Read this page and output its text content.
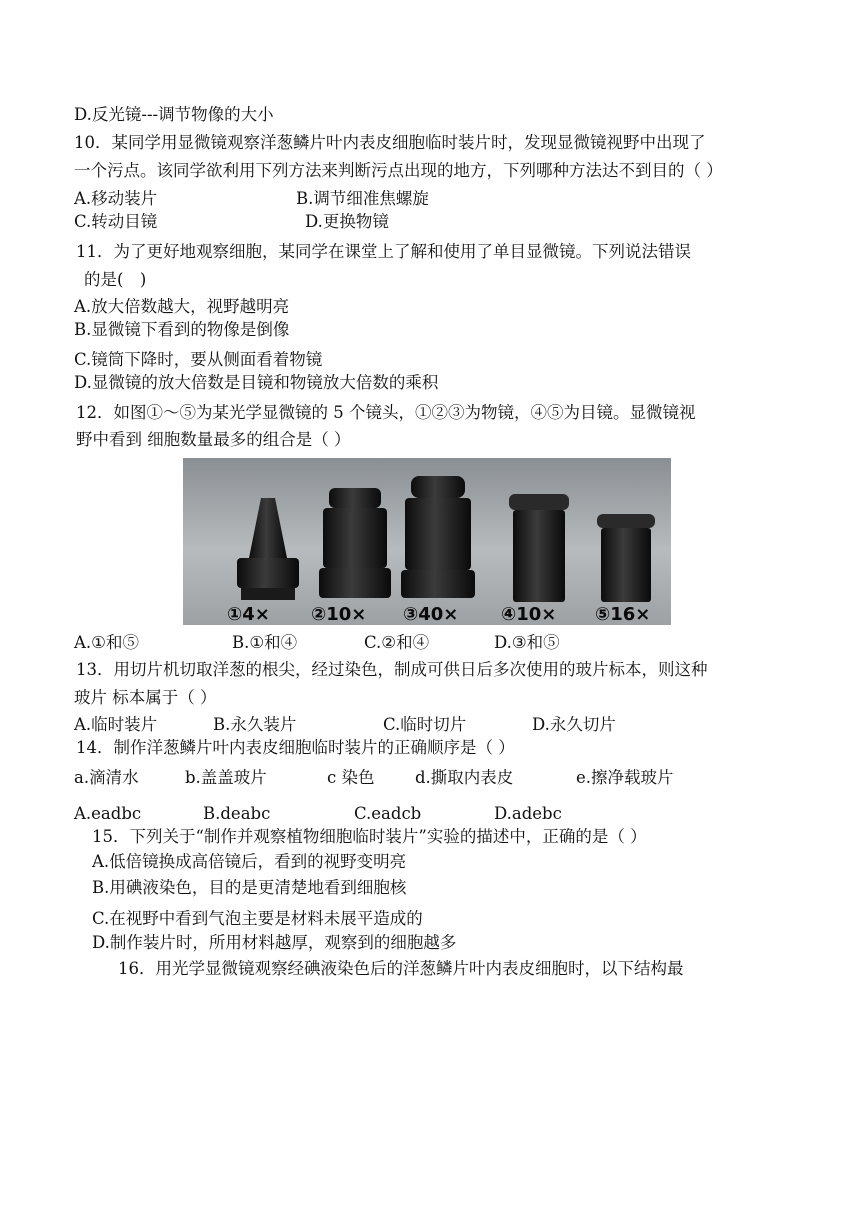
D.反光镜---调节物像的大小
10．某同学用显微镜观察洋葱鳞片叶内表皮细胞临时装片时，发现显微镜视野中出现了
一个污点。该同学欲利用下列方法来判断污点出现的地方，下列哪种方法达不到目的（ ）
A.移动装片	B.调节细准焦螺旋
C.转动目镜	D.更换物镜
11．为了更好地观察细胞，某同学在课堂上了解和使用了单目显微镜。下列说法错误
的是(　)
A.放大倍数越大，视野越明亮
B.显微镜下看到的物像是倒像
C.镜筒下降时，要从侧面看着物镜
D.显微镜的放大倍数是目镜和物镜放大倍数的乘积
12．如图①～⑤为某光学显微镜的 5 个镜头，①②③为物镜，④⑤为目镜。显微镜视
野中看到 细胞数量最多的组合是（ ）
①4× ②10× ③40× ④10× ⑤16×
A.①和⑤	B.①和④	C.②和④	D.③和⑤
13．用切片机切取洋葱的根尖，经过染色，制成可供日后多次使用的玻片标本，则这种
玻片 标本属于（ ）
A.临时装片	B.永久装片	C.临时切片	D.永久切片
14．制作洋葱鳞片叶内表皮细胞临时装片的正确顺序是（ ）
a.滴清水	b.盖盖玻片	c 染色 d.撕取内表皮	e.擦净载玻片
A.eadbc	B.deabc	C.eadcb	D.adebc
15．下列关于“制作并观察植物细胞临时装片”实验的描述中，正确的是（ ）
A.低倍镜换成高倍镜后，看到的视野变明亮
B.用碘液染色，目的是更清楚地看到细胞核
C.在视野中看到气泡主要是材料未展平造成的
D.制作装片时，所用材料越厚，观察到的细胞越多
16．用光学显微镜观察经碘液染色后的洋葱鳞片叶内表皮细胞时，以下结构最
